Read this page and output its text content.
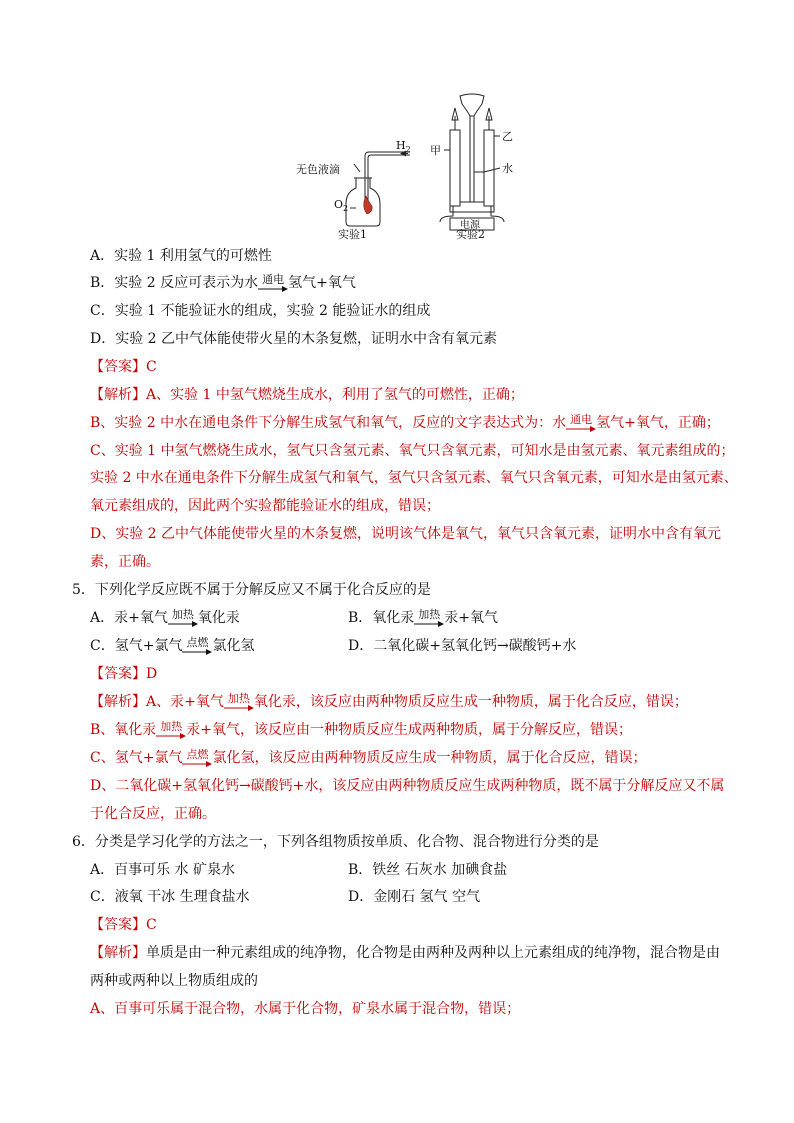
无色液滴
$H_2$
$O_2$
实验1
甲
乙
水
电源
实验2
A．实验 1 利用氢气的可燃性
B．实验 2 反应可表示为水 通电 氢气+氧气
C．实验 1 不能验证水的组成，实验 2 能验证水的组成
D．实验 2 乙中气体能使带火星的木条复燃，证明水中含有氧元素
【答案】C
【解析】A、实验 1 中氢气燃烧生成水，利用了氢气的可燃性，正确；
B、实验 2 中水在通电条件下分解生成氢气和氧气，反应的文字表达式为：水 通电 氢气+氧气，正确；
C、实验 1 中氢气燃烧生成水，氢气只含氢元素、氧气只含氧元素，可知水是由氢元素、氧元素组成的；
实验 2 中水在通电条件下分解生成氢气和氧气，氢气只含氢元素、氧气只含氧元素，可知水是由氢元素、
氧元素组成的，因此两个实验都能验证水的组成，错误；
D、实验 2 乙中气体能使带火星的木条复燃，说明该气体是氧气，氧气只含氧元素，证明水中含有氧元
素，正确。
5．下列化学反应既不属于分解反应又不属于化合反应的是
A．汞+氧气 加热 氧化汞	B．氧化汞 加热 汞+氧气
C．氢气+氯气 点燃 氯化氢	D．二氧化碳+氢氧化钙→碳酸钙+水
【答案】D
【解析】A、汞+氧气 加热 氧化汞，该反应由两种物质反应生成一种物质，属于化合反应，错误；
B、氧化汞 加热 汞+氧气，该反应由一种物质反应生成两种物质，属于分解反应，错误；
C、氢气+氯气 点燃 氯化氢，该反应由两种物质反应生成一种物质，属于化合反应，错误；
D、二氧化碳+氢氧化钙→碳酸钙+水，该反应由两种物质反应生成两种物质，既不属于分解反应又不属
于化合反应，正确。
6．分类是学习化学的方法之一，下列各组物质按单质、化合物、混合物进行分类的是
A．百事可乐 水 矿泉水	B．铁丝 石灰水 加碘食盐
C．液氧 干冰 生理食盐水	D．金刚石 氢气 空气
【答案】C
【解析】单质是由一种元素组成的纯净物，化合物是由两种及两种以上元素组成的纯净物，混合物是由
两种或两种以上物质组成的
A、百事可乐属于混合物，水属于化合物，矿泉水属于混合物，错误；
